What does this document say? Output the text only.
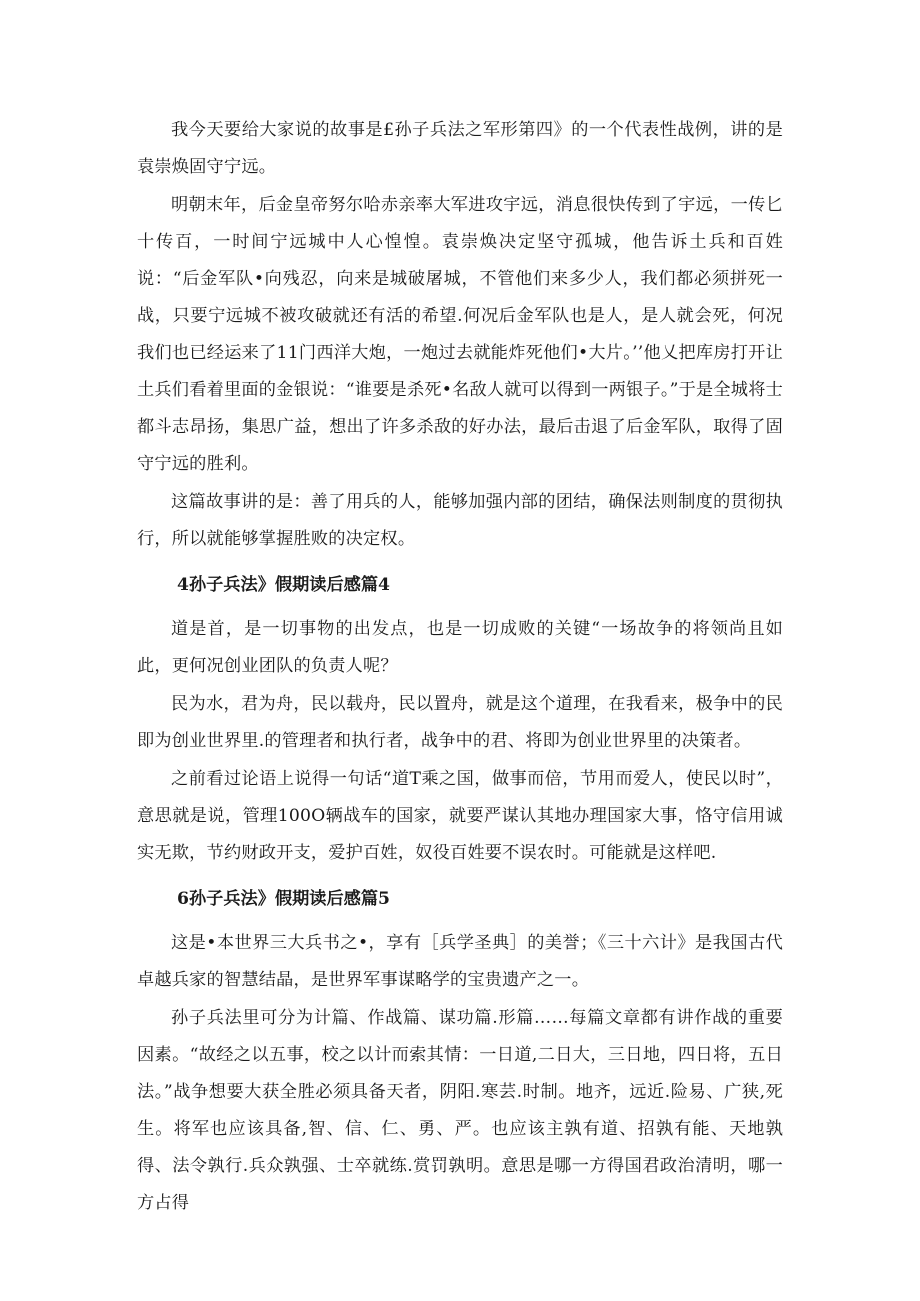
我今天要给大家说的故事是£孙子兵法之军形第四》的一个代表性战例，讲的是袁崇焕固守宁远。

明朝末年，后金皇帝努尔哈赤亲率大军进攻宇远，消息很快传到了宇远，一传匕十传百，一时间宁远城中人心惶惶。袁崇焕决定坚守孤城，他告诉土兵和百姓说：“后金军队•向残忍，向来是城破屠城，不管他们来多少人，我们都必须拼死一战，只要宁远城不被攻破就还有活的希望.何况后金军队也是人，是人就会死，何况我们也已经运来了11门西洋大炮，一炮过去就能炸死他们•大片。’’他乂把库房打开让土兵们看着里面的金银说：“谁要是杀死•名敌人就可以得到一两银子。”于是全城将士都斗志昂扬，集思广益，想出了许多杀敌的好办法，最后击退了后金军队，取得了固守宁远的胜利。

这篇故事讲的是：善了用兵的人，能够加强内部的团结，确保法则制度的贯彻执行，所以就能够掌握胜败的决定权。

4孙子兵法》假期读后感篇4

道是首，是一切事物的出发点，也是一切成败的关键“一场故争的将领尚且如此，更何况创业团队的负责人呢？

民为水，君为舟，民以载舟，民以置舟，就是这个道理，在我看来，极争中的民即为创业世界里.的管理者和执行者，战争中的君、将即为创业世界里的决策者。

之前看过论语上说得一句话“道T乘之国，做事而倍，节用而爱人，使民以时”，意思就是说，管理100O辆战车的国家，就要严谋认其地办理国家大事，恪守信用诚实无欺，节约财政开支，爱护百姓，奴役百姓要不误农时。可能就是这样吧.

6孙子兵法》假期读后感篇5

这是•本世界三大兵书之•，享有［兵学圣典］的美誉；《三十六计》是我国古代卓越兵家的智慧结晶，是世界军事谋略学的宝贵遗产之一。

孙子兵法里可分为计篇、作战篇、谋功篇.形篇……每篇文章都有讲作战的重要因素。“故经之以五事，校之以计而索其情：一日道,二日大，三日地，四日将，五日法。”战争想要大获全胜必须具备天者，阴阳.寒芸.时制。地齐，远近.险易、广狭,死生。将军也应该具备,智、信、仁、勇、严。也应该主孰有道、招孰有能、天地孰得、法令孰行.兵众孰强、士卒就练.赏罚孰明。意思是哪一方得国君政治清明，哪一方占得
